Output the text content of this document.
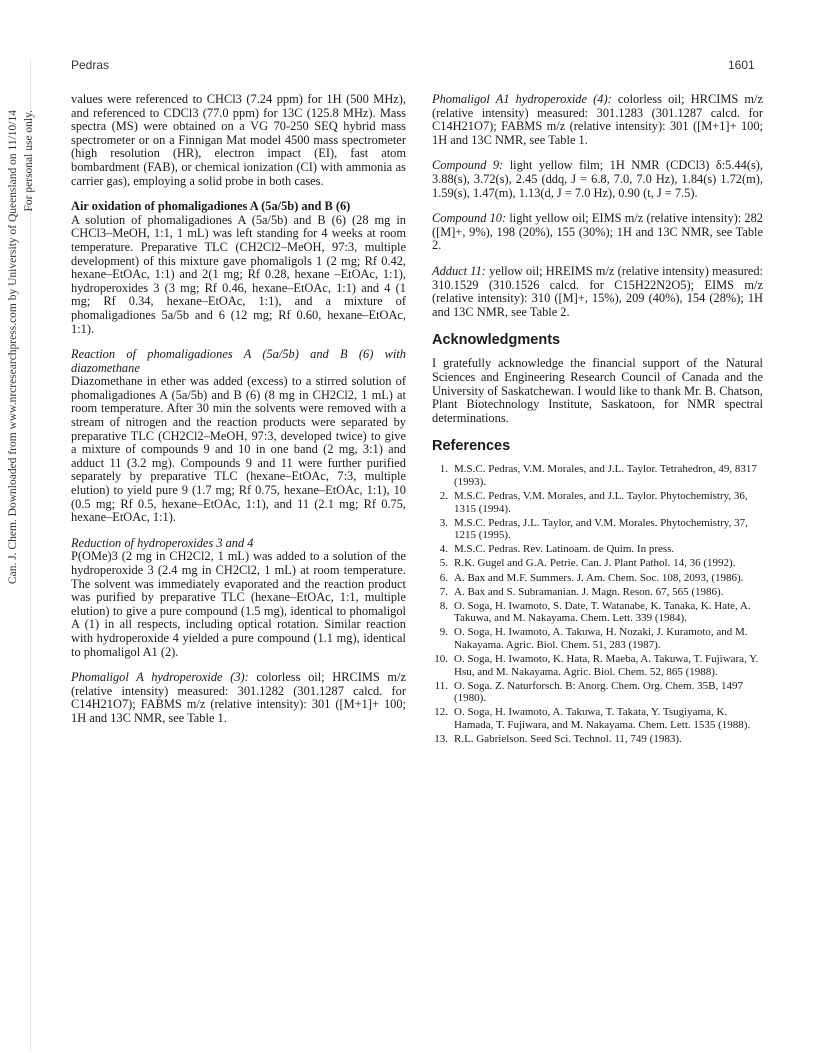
Can. J. Chem. Downloaded from www.nrcresearchpress.com by University of Queensland on 11/10/14 For personal use only.
Pedras	1601

values were referenced to CHCl3 (7.24 ppm) for 1H (500 MHz), and referenced to CDCl3 (77.0 ppm) for 13C (125.8 MHz). Mass spectra (MS) were obtained on a VG 70-250 SEQ hybrid mass spectrometer or on a Finnigan Mat model 4500 mass spectrometer (high resolution (HR), electron impact (EI), fast atom bombardment (FAB), or chemical ionization (CI) with ammonia as carrier gas), employing a solid probe in both cases.

Air oxidation of phomaligadiones A (5a/5b) and B (6)

A solution of phomaligadiones A (5a/5b) and B (6) (28 mg in CHCl3–MeOH, 1:1, 1 mL) was left standing for 4 weeks at room temperature. Preparative TLC (CH2Cl2–MeOH, 97:3, multiple development) of this mixture gave phomaligols 1 (2 mg; Rf 0.42, hexane–EtOAc, 1:1) and 2(1 mg; Rf 0.28, hexane –EtOAc, 1:1), hydroperoxides 3 (3 mg; Rf 0.46, hexane–EtOAc, 1:1) and 4 (1 mg; Rf 0.34, hexane–EtOAc, 1:1), and a mixture of phomaligadiones 5a/5b and 6 (12 mg; Rf 0.60, hexane–EtOAc, 1:1).

Reaction of phomaligadiones A (5a/5b) and B (6) with diazomethane

Diazomethane in ether was added (excess) to a stirred solution of phomaligadiones A (5a/5b) and B (6) (8 mg in CH2Cl2, 1 mL) at room temperature. After 30 min the solvents were removed with a stream of nitrogen and the reaction products were separated by preparative TLC (CH2Cl2–MeOH, 97:3, developed twice) to give a mixture of compounds 9 and 10 in one band (2 mg, 3:1) and adduct 11 (3.2 mg). Compounds 9 and 11 were further purified separately by preparative TLC (hexane–EtOAc, 7:3, multiple elution) to yield pure 9 (1.7 mg; Rf 0.75, hexane–EtOAc, 1:1), 10 (0.5 mg; Rf 0.5, hexane–EtOAc, 1:1), and 11 (2.1 mg; Rf 0.75, hexane–EtOAc, 1:1).

Reduction of hydroperoxides 3 and 4

P(OMe)3 (2 mg in CH2Cl2, 1 mL) was added to a solution of the hydroperoxide 3 (2.4 mg in CH2Cl2, 1 mL) at room temperature. The solvent was immediately evaporated and the reaction product was purified by preparative TLC (hexane–EtOAc, 1:1, multiple elution) to give a pure compound (1.5 mg), identical to phomaligol A (1) in all respects, including optical rotation. Similar reaction with hydroperoxide 4 yielded a pure compound (1.1 mg), identical to phomaligol A1 (2).

Phomaligol A hydroperoxide (3): colorless oil; HRCIMS m/z (relative intensity) measured: 301.1282 (301.1287 calcd. for C14H21O7); FABMS m/z (relative intensity): 301 ([M+1]+ 100; 1H and 13C NMR, see Table 1.

Phomaligol A1 hydroperoxide (4): colorless oil; HRCIMS m/z (relative intensity) measured: 301.1283 (301.1287 calcd. for C14H21O7); FABMS m/z (relative intensity): 301 ([M+1]+ 100; 1H and 13C NMR, see Table 1.

Compound 9: light yellow film; 1H NMR (CDCl3) δ:5.44(s), 3.88(s), 3.72(s), 2.45 (ddq, J = 6.8, 7.0, 7.0 Hz), 1.84(s) 1.72(m), 1.59(s), 1.47(m), 1.13(d, J = 7.0 Hz), 0.90 (t, J = 7.5).

Compound 10: light yellow oil; EIMS m/z (relative intensity): 282 ([M]+, 9%), 198 (20%), 155 (30%); 1H and 13C NMR, see Table 2.

Adduct 11: yellow oil; HREIMS m/z (relative intensity) measured: 310.1529 (310.1526 calcd. for C15H22N2O5); EIMS m/z (relative intensity): 310 ([M]+, 15%), 209 (40%), 154 (28%); 1H and 13C NMR, see Table 2.

Acknowledgments

I gratefully acknowledge the financial support of the Natural Sciences and Engineering Research Council of Canada and the University of Saskatchewan. I would like to thank Mr. B. Chatson, Plant Biotechnology Institute, Saskatoon, for NMR spectral determinations.

References
1. M.S.C. Pedras, V.M. Morales, and J.L. Taylor. Tetrahedron, 49, 8317 (1993).
2. M.S.C. Pedras, V.M. Morales, and J.L. Taylor. Phytochemistry, 36, 1315 (1994).
3. M.S.C. Pedras, J.L. Taylor, and V.M. Morales. Phytochemistry, 37, 1215 (1995).
4. M.S.C. Pedras. Rev. Latinoam. de Quim. In press.
5. R.K. Gugel and G.A. Petrie. Can. J. Plant Pathol. 14, 36 (1992).
6. A. Bax and M.F. Summers. J. Am. Chem. Soc. 108, 2093, (1986).
7. A. Bax and S. Subramanian. J. Magn. Reson. 67, 565 (1986).
8. O. Soga, H. Iwamoto, S. Date, T. Watanabe, K. Tanaka, K. Hate, A. Takuwa, and M. Nakayama. Chem. Lett. 339 (1984).
9. O. Soga, H. Iwamoto, A. Takuwa, H. Nozaki, J. Kuramoto, and M. Nakayama. Agric. Biol. Chem. 51, 283 (1987).
10. O. Soga, H. Iwamoto, K. Hata, R. Maeba, A. Takuwa, T. Fujiwara, Y. Hsu, and M. Nakayama. Agric. Biol. Chem. 52, 865 (1988).
11. O. Soga. Z. Naturforsch. B: Anorg. Chem. Org. Chem. 35B, 1497 (1980).
12. O. Soga, H. Iwamoto, A. Takuwa, T. Takata, Y. Tsugiyama, K. Hamada, T. Fujiwara, and M. Nakayama. Chem. Lett. 1535 (1988).
13. R.L. Gabrielson. Seed Sci. Technol. 11, 749 (1983).
